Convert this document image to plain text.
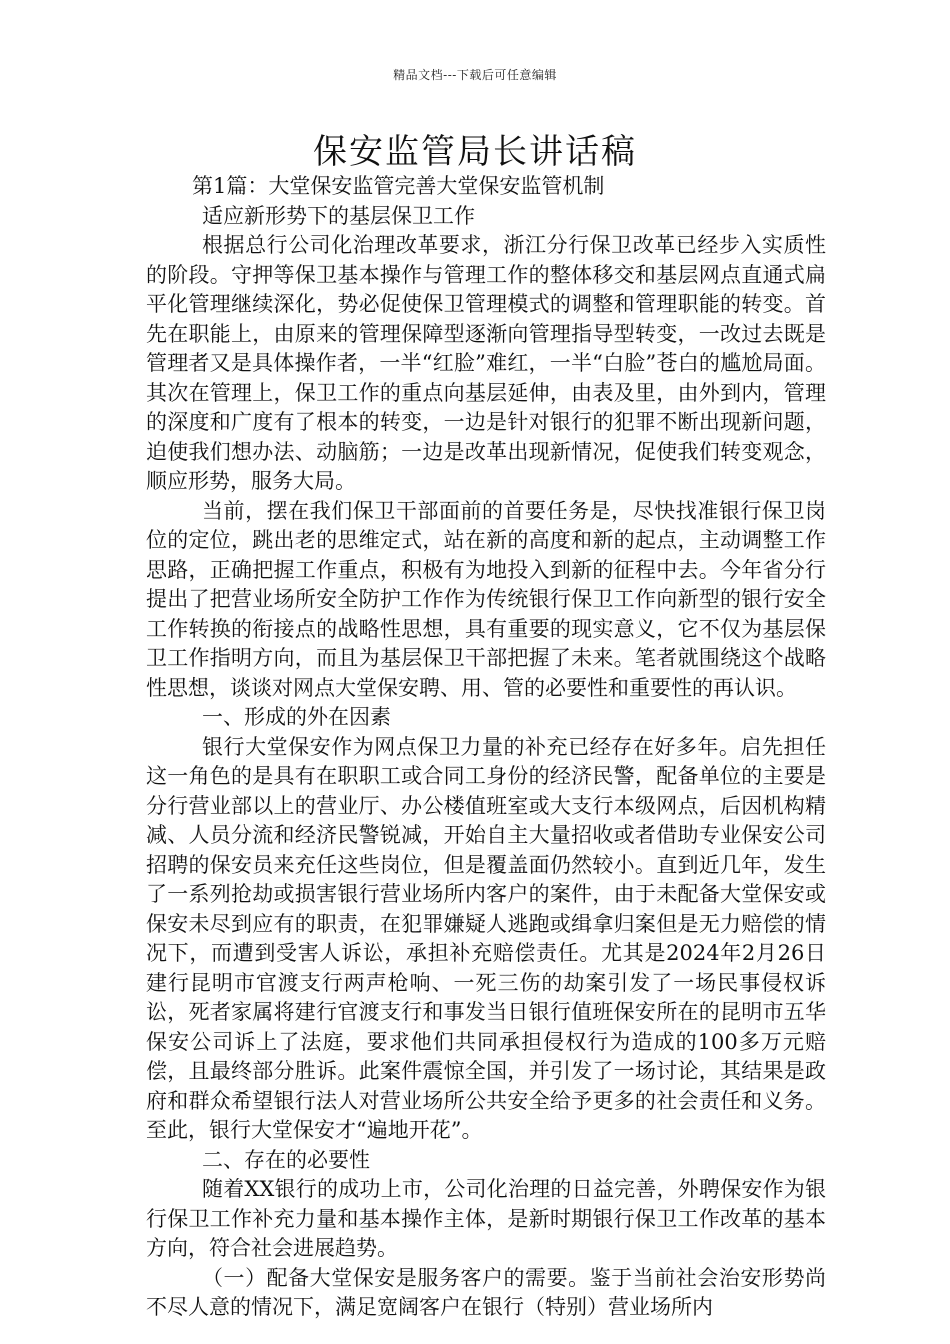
精品文档---下载后可任意编辑
保安监管局长讲话稿

第1篇：大堂保安监管完善大堂保安监管机制

适应新形势下的基层保卫工作

根据总行公司化治理改革要求，浙江分行保卫改革已经步入实质性的阶段。守押等保卫基本操作与管理工作的整体移交和基层网点直通式扁平化管理继续深化，势必促使保卫管理模式的调整和管理职能的转变。首先在职能上，由原来的管理保障型逐渐向管理指导型转变，一改过去既是管理者又是具体操作者，一半“红脸”难红，一半“白脸”苍白的尴尬局面。其次在管理上，保卫工作的重点向基层延伸，由表及里，由外到内，管理的深度和广度有了根本的转变，一边是针对银行的犯罪不断出现新问题，迫使我们想办法、动脑筋；一边是改革出现新情况，促使我们转变观念，顺应形势，服务大局。

当前，摆在我们保卫干部面前的首要任务是，尽快找准银行保卫岗位的定位，跳出老的思维定式，站在新的高度和新的起点，主动调整工作思路，正确把握工作重点，积极有为地投入到新的征程中去。今年省分行提出了把营业场所安全防护工作作为传统银行保卫工作向新型的银行安全工作转换的衔接点的战略性思想，具有重要的现实意义，它不仅为基层保卫工作指明方向，而且为基层保卫干部把握了未来。笔者就围绕这个战略性思想，谈谈对网点大堂保安聘、用、管的必要性和重要性的再认识。

一、形成的外在因素

银行大堂保安作为网点保卫力量的补充已经存在好多年。启先担任这一角色的是具有在职职工或合同工身份的经济民警，配备单位的主要是分行营业部以上的营业厅、办公楼值班室或大支行本级网点，后因机构精减、人员分流和经济民警锐减，开始自主大量招收或者借助专业保安公司招聘的保安员来充任这些岗位，但是覆盖面仍然较小。直到近几年，发生了一系列抢劫或损害银行营业场所内客户的案件，由于未配备大堂保安或保安未尽到应有的职责，在犯罪嫌疑人逃跑或缉拿归案但是无力赔偿的情况下，而遭到受害人诉讼，承担补充赔偿责任。尤其是2024年2月26日建行昆明市官渡支行两声枪响、一死三伤的劫案引发了一场民事侵权诉讼，死者家属将建行官渡支行和事发当日银行值班保安所在的昆明市五华保安公司诉上了法庭，要求他们共同承担侵权行为造成的100多万元赔偿，且最终部分胜诉。此案件震惊全国，并引发了一场讨论，其结果是政府和群众希望银行法人对营业场所公共安全给予更多的社会责任和义务。至此，银行大堂保安才“遍地开花”。

二、存在的必要性

随着XX银行的成功上市，公司化治理的日益完善，外聘保安作为银行保卫工作补充力量和基本操作主体，是新时期银行保卫工作改革的基本方向，符合社会进展趋势。

（一）配备大堂保安是服务客户的需要。鉴于当前社会治安形势尚不尽人意的情况下，满足宽阔客户在银行（特别）营业场所内
